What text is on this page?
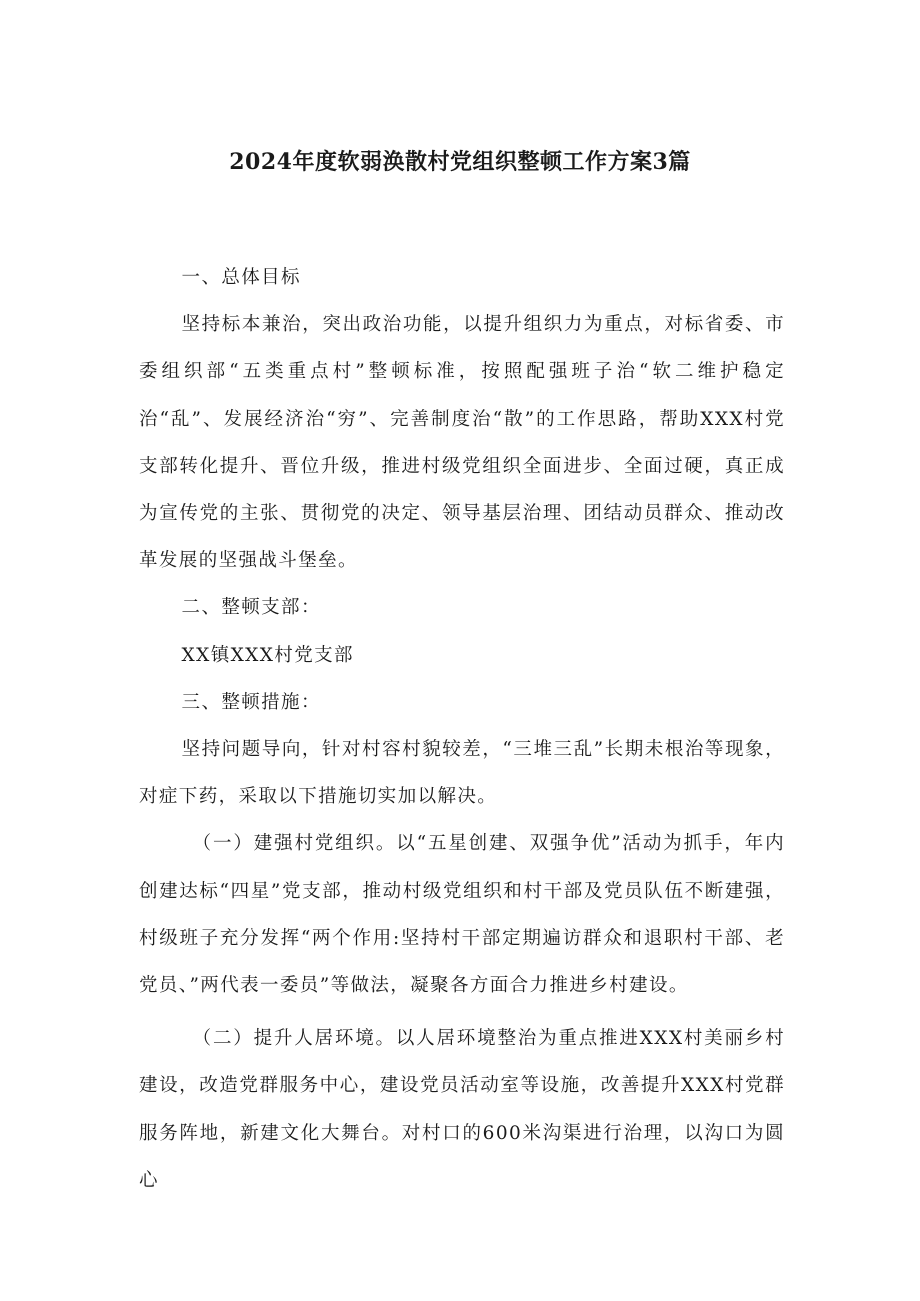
2024年度软弱涣散村党组织整顿工作方案3篇

一、总体目标

坚持标本兼治，突出政治功能，以提升组织力为重点，对标省委、市委组织部“五类重点村”整顿标准，按照配强班子治“软二维护稳定治“乱”、发展经济治“穷”、完善制度治“散”的工作思路，帮助XXX村党支部转化提升、晋位升级，推进村级党组织全面进步、全面过硬，真正成为宣传党的主张、贯彻党的决定、领导基层治理、团结动员群众、推动改革发展的坚强战斗堡垒。

二、整顿支部：

XX镇XXX村党支部

三、整顿措施：

坚持问题导向，针对村容村貌较差，“三堆三乱”长期未根治等现象，对症下药，采取以下措施切实加以解决。

（一）建强村党组织。以“五星创建、双强争优”活动为抓手，年内创建达标“四星”党支部，推动村级党组织和村干部及党员队伍不断建强，村级班子充分发挥“两个作用:坚持村干部定期遍访群众和退职村干部、老党员、”两代表一委员”等做法，凝聚各方面合力推进乡村建设。

（二）提升人居环境。以人居环境整治为重点推进XXX村美丽乡村建设，改造党群服务中心，建设党员活动室等设施，改善提升XXX村党群服务阵地，新建文化大舞台。对村口的600米沟渠进行治理，以沟口为圆心
